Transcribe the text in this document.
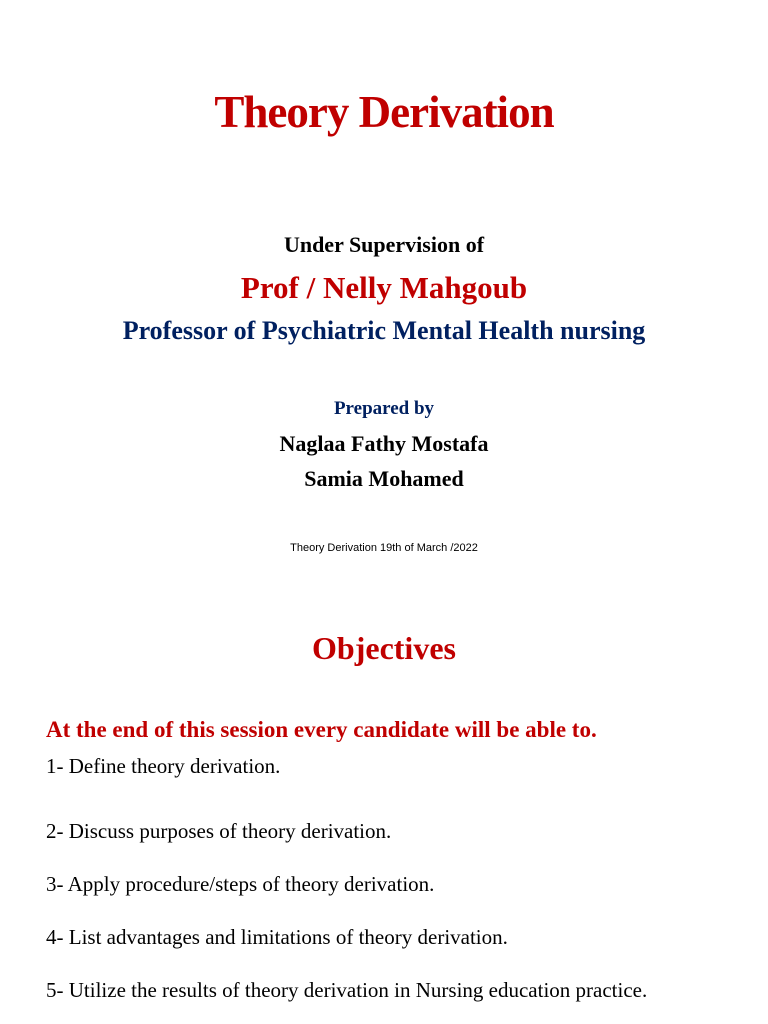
Theory Derivation

Under Supervision of

Prof / Nelly Mahgoub

Professor of Psychiatric Mental Health nursing

Prepared by

Naglaa Fathy Mostafa

Samia Mohamed

Theory Derivation 19th of March /2022

Objectives

At the end of this session every candidate will be able to.

1- Define theory derivation.

2- Discuss purposes of theory derivation.

3- Apply procedure/steps of theory derivation.

4- List advantages and limitations of theory derivation.

5- Utilize the results of theory derivation in Nursing education practice.
